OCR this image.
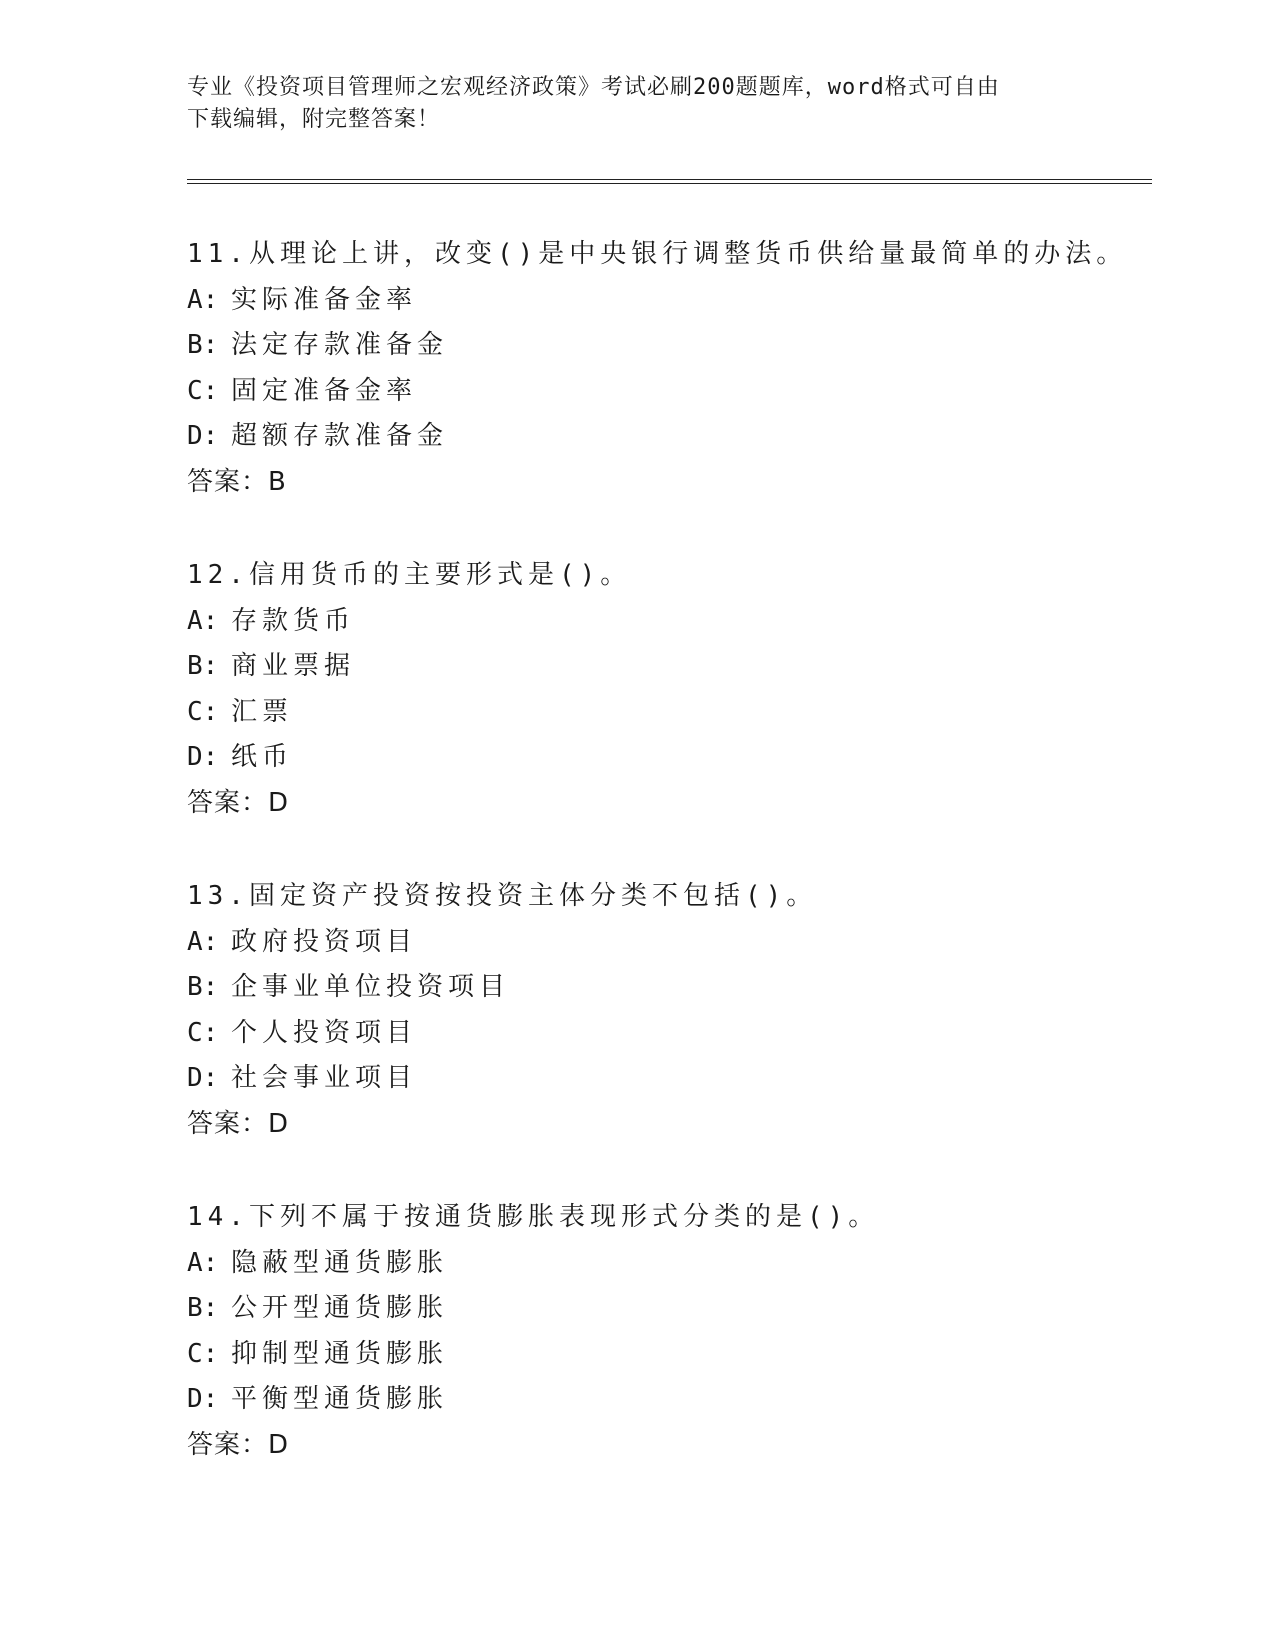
专业《投资项目管理师之宏观经济政策》考试必刷200题题库，word格式可自由
下载编辑，附完整答案！
11.从理论上讲，改变()是中央银行调整货币供给量最简单的办法。
A: 实际准备金率
B: 法定存款准备金
C: 固定准备金率
D: 超额存款准备金
答案：B
12.信用货币的主要形式是()。
A: 存款货币
B: 商业票据
C: 汇票
D: 纸币
答案：D
13.固定资产投资按投资主体分类不包括()。
A: 政府投资项目
B: 企事业单位投资项目
C: 个人投资项目
D: 社会事业项目
答案：D
14.下列不属于按通货膨胀表现形式分类的是()。
A: 隐蔽型通货膨胀
B: 公开型通货膨胀
C: 抑制型通货膨胀
D: 平衡型通货膨胀
答案：D
